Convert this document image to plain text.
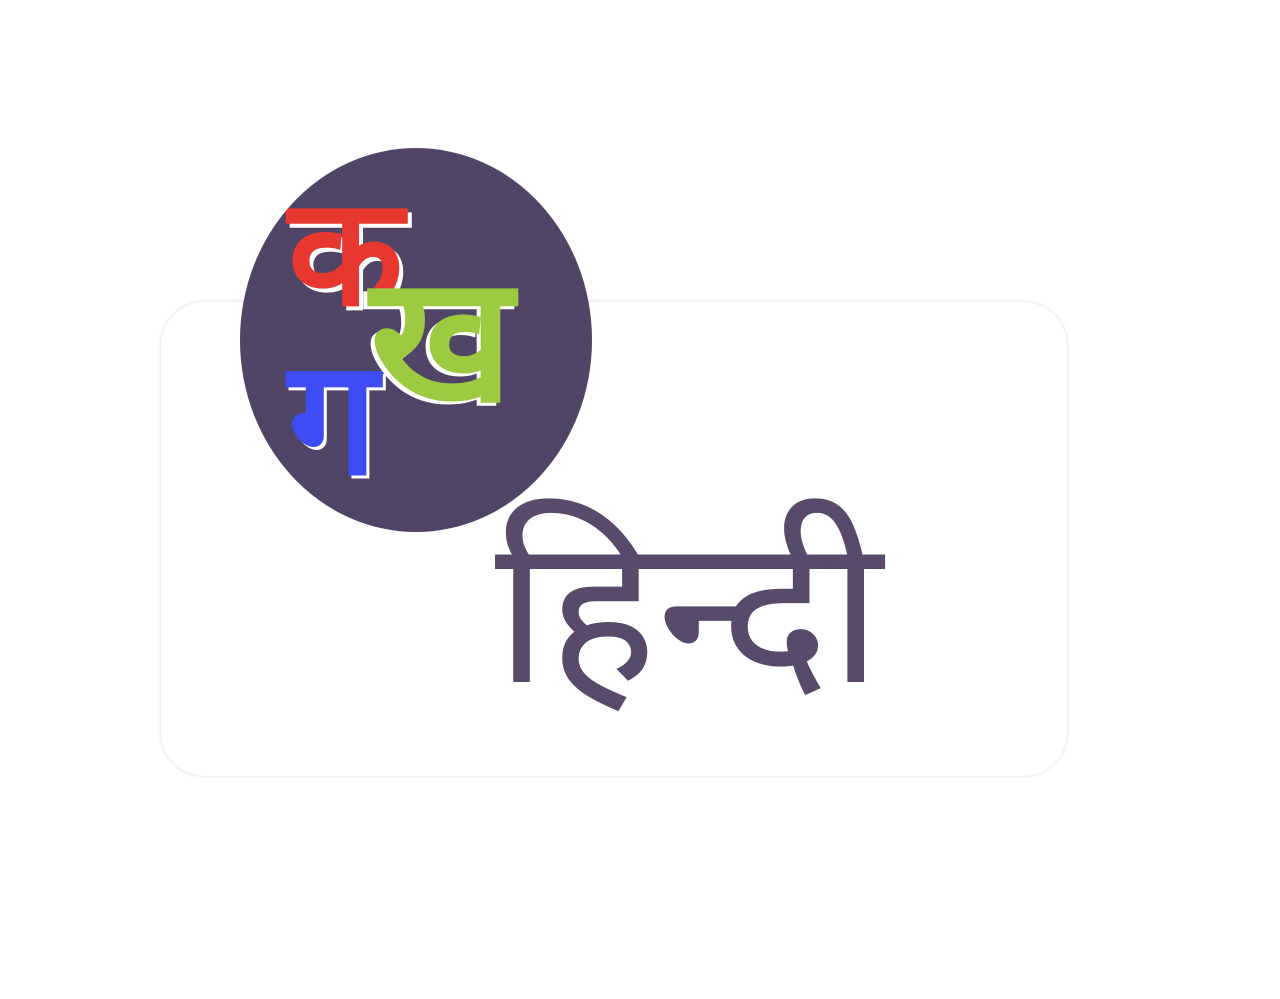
क
ग
ख
हिन्दी
